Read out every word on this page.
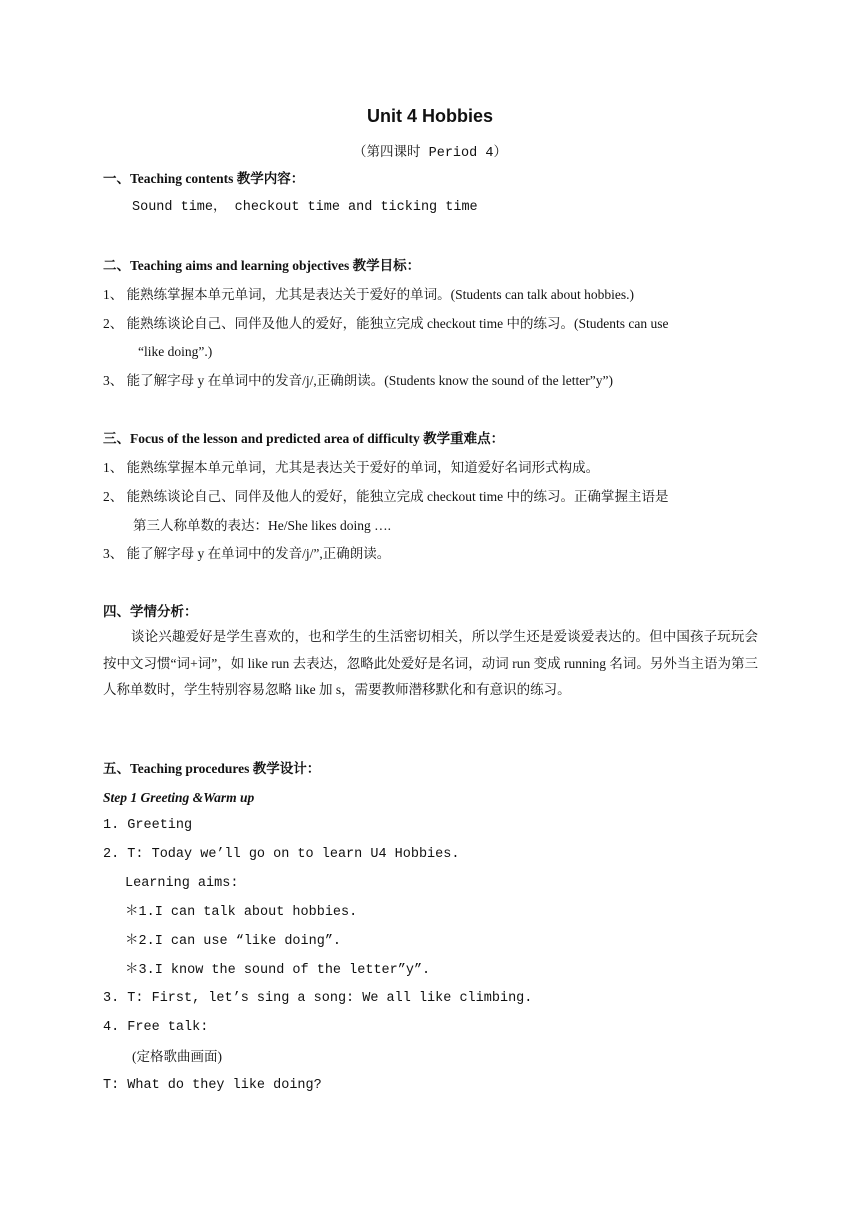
Unit 4 Hobbies
（第四课时 Period 4）
一、Teaching contents 教学内容：
Sound time， checkout time and ticking time
二、Teaching aims and learning objectives 教学目标：
1、 能熟练掌握本单元单词，尤其是表达关于爱好的单词。(Students can talk about hobbies.)
2、 能熟练谈论自己、同伴及他人的爱好，能独立完成 checkout time 中的练习。(Students can use
“like doing”.)
3、 能了解字母 y 在单词中的发音/j/,正确朗读。(Students know the sound of the letter”y”)
三、Focus of the lesson and predicted area of difficulty 教学重难点：
1、 能熟练掌握本单元单词，尤其是表达关于爱好的单词，知道爱好名词形式构成。
2、 能熟练谈论自己、同伴及他人的爱好，能独立完成 checkout time 中的练习。正确掌握主语是
第三人称单数的表达：He/She likes doing ….
3、 能了解字母 y 在单词中的发音/j/”,正确朗读。
四、学情分析：
谈论兴趣爱好是学生喜欢的，也和学生的生活密切相关，所以学生还是爱谈爱表达的。但中国孩子玩玩会按中文习惯“词+词”，如 like run 去表达，忽略此处爱好是名词，动词 run 变成 running 名词。另外当主语为第三人称单数时，学生特别容易忽略 like 加 s，需要教师潜移默化和有意识的练习。
五、Teaching procedures 教学设计：
Step 1 Greeting &Warm up
1. Greeting
2. T: Today we’ll go on to learn U4 Hobbies.
Learning aims:
＊1.I can talk about hobbies.
＊2.I can use “like doing”.
＊3.I know the sound of the letter”y”.
3. T: First, let’s sing a song: We all like climbing.
4. Free talk:
(定格歌曲画面)
T: What do they like doing?
